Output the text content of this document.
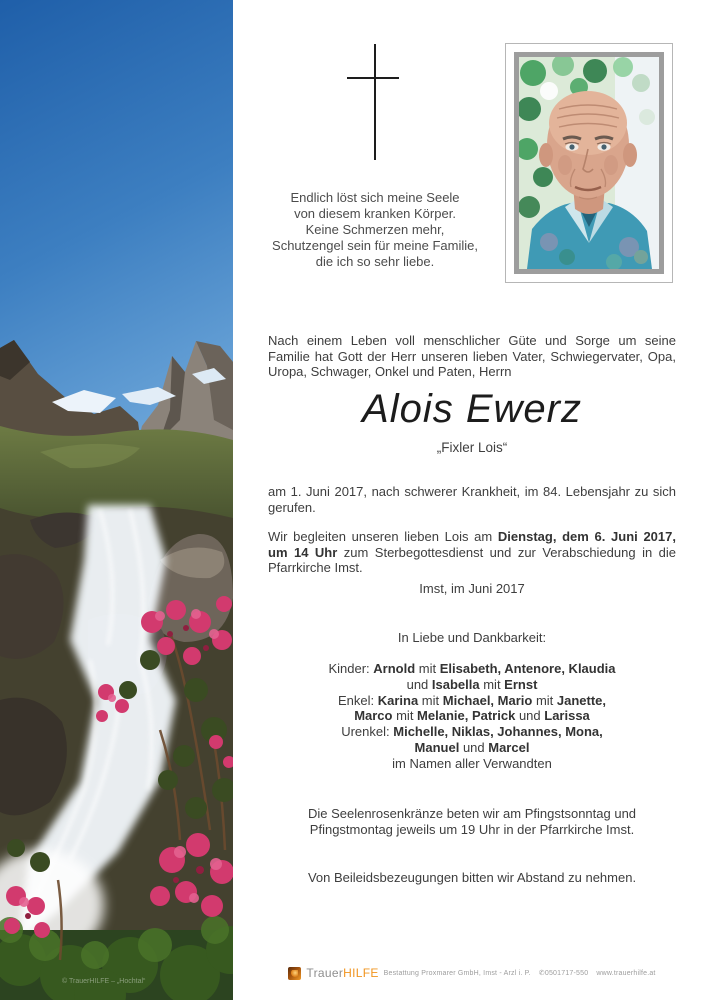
© TrauerHILFE – „Hochtal“
Endlich löst sich meine Seele
von diesem kranken Körper.
Keine Schmerzen mehr,
Schutzengel sein für meine Familie,
die ich so sehr liebe.

Nach einem Leben voll menschlicher Güte und Sorge um seine Familie hat Gott der Herr unseren lieben Vater, Schwiegervater, Opa, Uropa, Schwager, Onkel und Paten, Herrn

Alois Ewerz
„Fixler Lois“

am 1. Juni 2017, nach schwerer Krankheit, im 84. Lebensjahr zu sich gerufen.

Wir begleiten unseren lieben Lois am Dienstag, dem 6. Juni 2017, um 14 Uhr zum Sterbegottesdienst und zur Verabschiedung in die Pfarrkirche Imst.

Imst, im Juni 2017
In Liebe und Dankbarkeit:
Kinder: Arnold mit Elisabeth, Antenore, Klaudia
und Isabella mit Ernst
Enkel: Karina mit Michael, Mario mit Janette,
Marco mit Melanie, Patrick und Larissa
Urenkel: Michelle, Niklas, Johannes, Mona,
Manuel und Marcel
im Namen aller Verwandten
Die Seelenrosenkränze beten wir am Pfingstsonntag und
Pfingstmontag jeweils um 19 Uhr in der Pfarrkirche Imst.
Von Beileidsbezeugungen bitten wir Abstand zu nehmen.
TrauerHILFE Bestattung Proxmarer GmbH, Imst - Arzl i. P. ✆0501717-550 www.trauerhilfe.at
